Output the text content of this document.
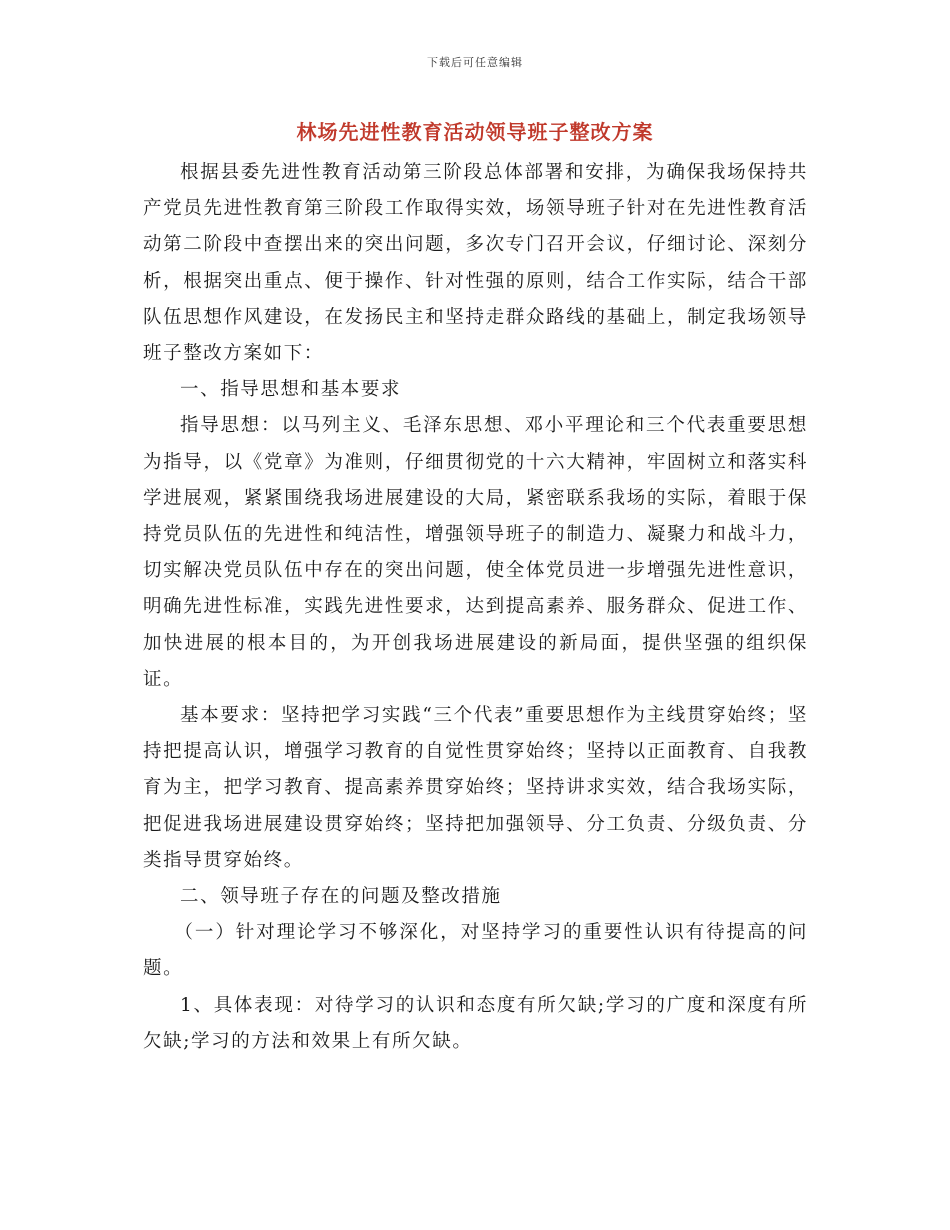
下载后可任意编辑
林场先进性教育活动领导班子整改方案

根据县委先进性教育活动第三阶段总体部署和安排，为确保我场保持共产党员先进性教育第三阶段工作取得实效，场领导班子针对在先进性教育活动第二阶段中查摆出来的突出问题，多次专门召开会议，仔细讨论、深刻分析，根据突出重点、便于操作、针对性强的原则，结合工作实际，结合干部队伍思想作风建设，在发扬民主和坚持走群众路线的基础上，制定我场领导班子整改方案如下：

一、指导思想和基本要求

指导思想：以马列主义、毛泽东思想、邓小平理论和三个代表重要思想为指导，以《党章》为准则，仔细贯彻党的十六大精神，牢固树立和落实科学进展观，紧紧围绕我场进展建设的大局，紧密联系我场的实际，着眼于保持党员队伍的先进性和纯洁性，增强领导班子的制造力、凝聚力和战斗力，切实解决党员队伍中存在的突出问题，使全体党员进一步增强先进性意识，明确先进性标准，实践先进性要求，达到提高素养、服务群众、促进工作、加快进展的根本目的，为开创我场进展建设的新局面，提供坚强的组织保证。

基本要求：坚持把学习实践“三个代表”重要思想作为主线贯穿始终；坚持把提高认识，增强学习教育的自觉性贯穿始终；坚持以正面教育、自我教育为主，把学习教育、提高素养贯穿始终；坚持讲求实效，结合我场实际，把促进我场进展建设贯穿始终；坚持把加强领导、分工负责、分级负责、分类指导贯穿始终。

二、领导班子存在的问题及整改措施

（一）针对理论学习不够深化，对坚持学习的重要性认识有待提高的问题。

1、具体表现：对待学习的认识和态度有所欠缺;学习的广度和深度有所欠缺;学习的方法和效果上有所欠缺。
